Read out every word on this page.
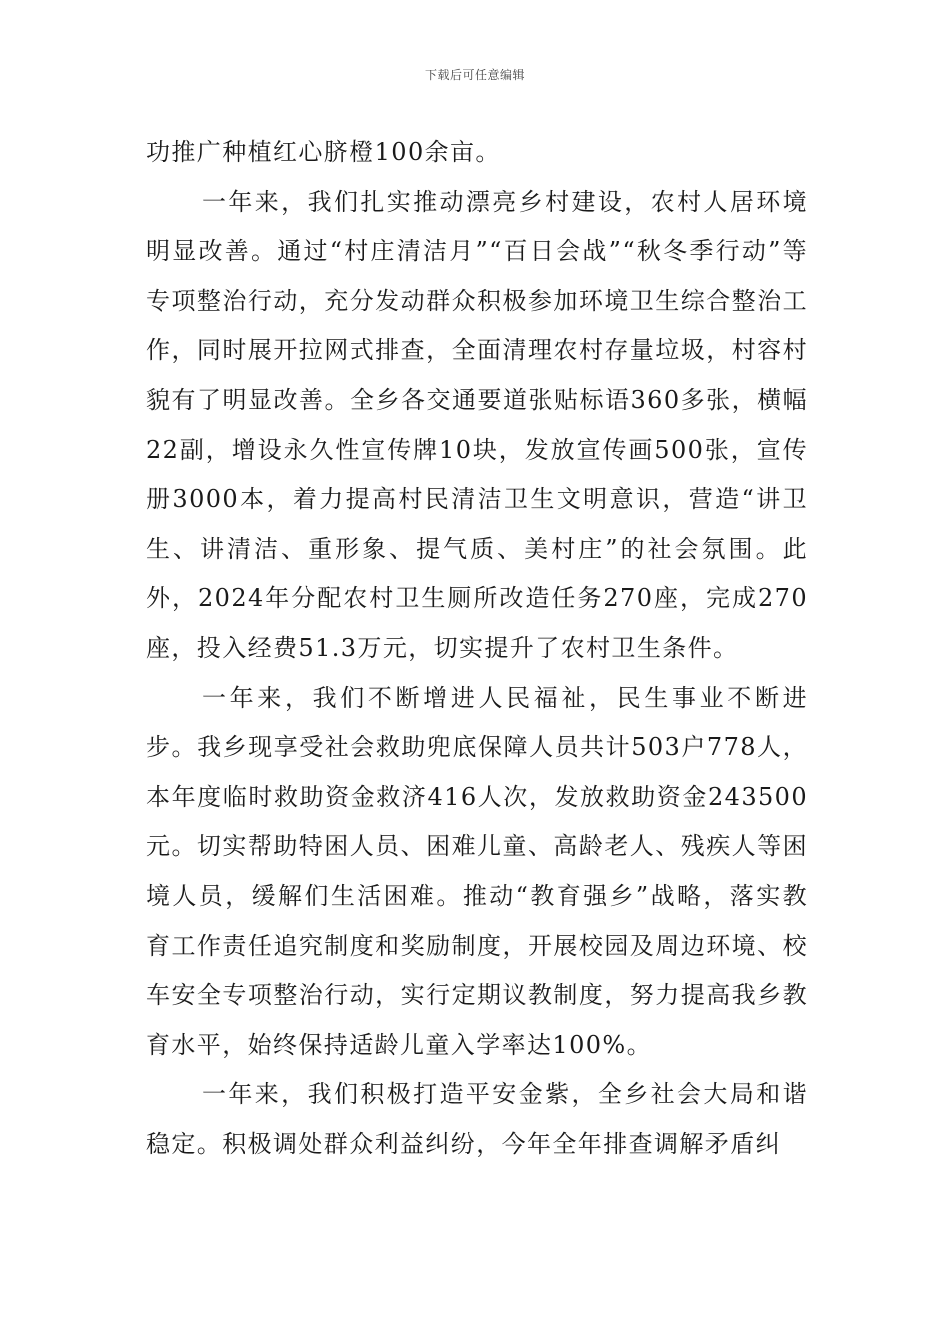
下载后可任意编辑

功推广种植红心脐橙100余亩。

一年来，我们扎实推动漂亮乡村建设，农村人居环境明显改善。通过“村庄清洁月”“百日会战”“秋冬季行动”等专项整治行动，充分发动群众积极参加环境卫生综合整治工作，同时展开拉网式排查，全面清理农村存量垃圾，村容村貌有了明显改善。全乡各交通要道张贴标语360多张，横幅22副，增设永久性宣传牌10块，发放宣传画500张，宣传册3000本，着力提高村民清洁卫生文明意识，营造“讲卫生、讲清洁、重形象、提气质、美村庄”的社会氛围。此外，2024年分配农村卫生厕所改造任务270座，完成270座，投入经费51.3万元，切实提升了农村卫生条件。

一年来，我们不断增进人民福祉，民生事业不断进步。我乡现享受社会救助兜底保障人员共计503户778人，本年度临时救助资金救济416人次，发放救助资金243500元。切实帮助特困人员、困难儿童、高龄老人、残疾人等困境人员，缓解们生活困难。推动“教育强乡”战略，落实教育工作责任追究制度和奖励制度，开展校园及周边环境、校车安全专项整治行动，实行定期议教制度，努力提高我乡教育水平，始终保持适龄儿童入学率达100%。

一年来，我们积极打造平安金紫，全乡社会大局和谐稳定。积极调处群众利益纠纷，今年全年排查调解矛盾纠
